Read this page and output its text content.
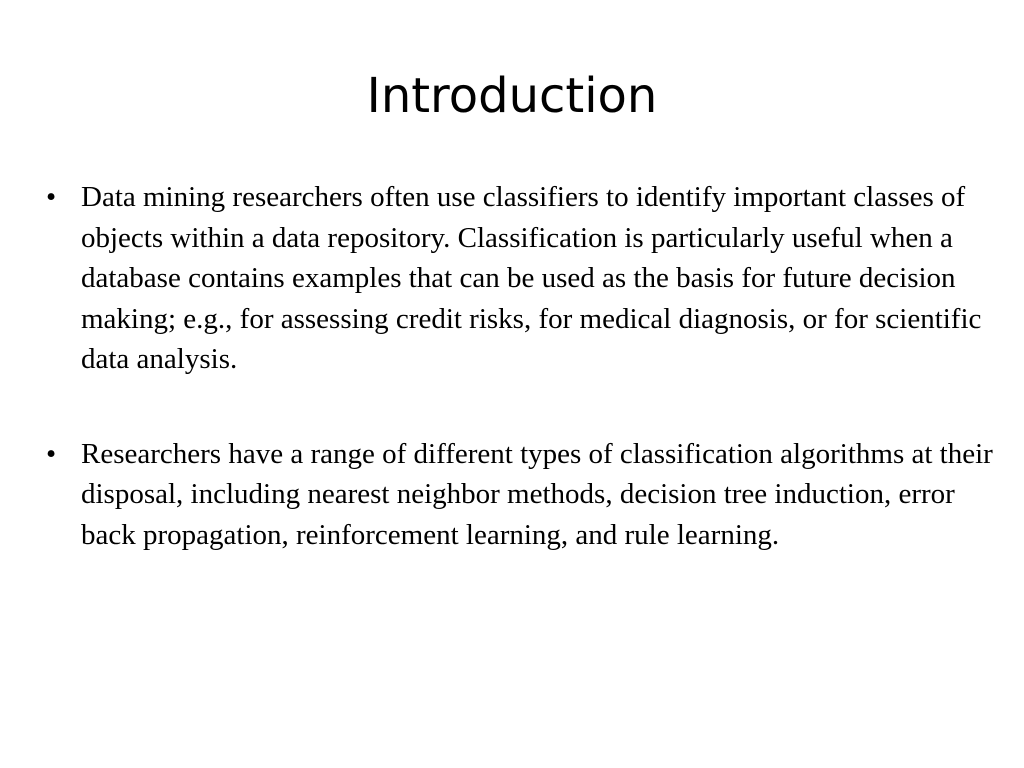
Introduction
• Data mining researchers often use classifiers to identify important classes of objects within a data repository. Classification is particularly useful when a database contains examples that can be used as the basis for future decision making; e.g., for assessing credit risks, for medical diagnosis, or for scientific data analysis.
• Researchers have a range of different types of classification algorithms at their disposal, including nearest neighbor methods, decision tree induction, error back propagation, reinforcement learning, and rule learning.
